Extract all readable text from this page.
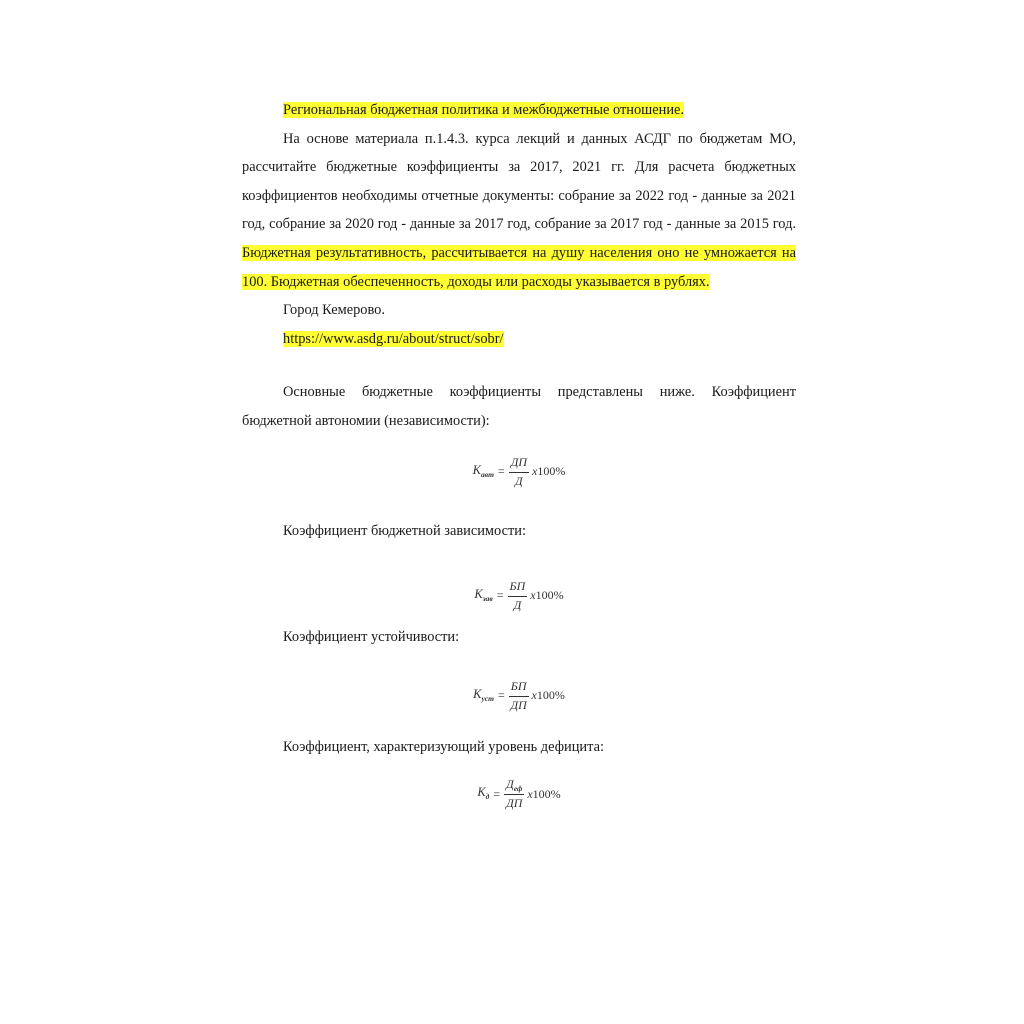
Региональная бюджетная политика и межбюджетные отношение.

На основе материала п.1.4.3. курса лекций и данных АСДГ по бюджетам МО, рассчитайте бюджетные коэффициенты за 2017, 2021 гг. Для расчета бюджетных коэффициентов необходимы отчетные документы: собрание за 2022 год - данные за 2021 год, собрание за 2020 год - данные за 2017 год, собрание за 2017 год - данные за 2015 год. Бюджетная результативность, рассчитывается на душу населения оно не умножается на 100. Бюджетная обеспеченность, доходы или расходы указывается в рублях.

Город Кемерово.

https://www.asdg.ru/about/struct/sobr/

Основные бюджетные коэффициенты представлены ниже. Коэффициент бюджетной автономии (независимости):

$К_{авт} = \frac{ДП}{Д} х100\%$

Коэффициент бюджетной зависимости:

$К_{зав} = \frac{БП}{Д} х100\%$

Коэффициент устойчивости:

$К_{уст} = \frac{БП}{ДП} х100\%$

Коэффициент, характеризующий уровень дефицита:

$К_д = \frac{Д_{еф}}{ДП} х100\%$
